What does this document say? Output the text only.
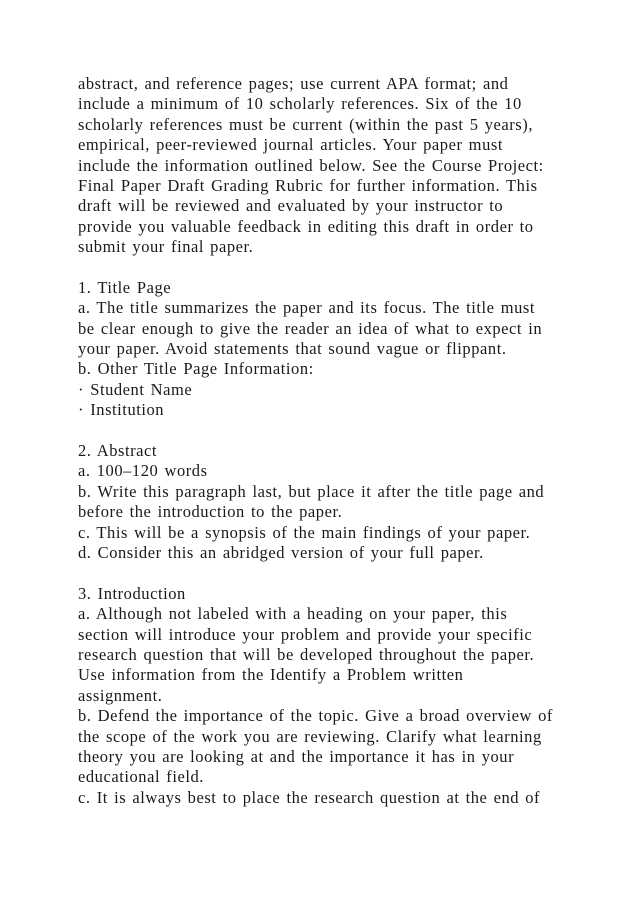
abstract, and reference pages; use current APA format; and
include a minimum of 10 scholarly references. Six of the 10
scholarly references must be current (within the past 5 years),
empirical, peer-reviewed journal articles. Your paper must
include the information outlined below. See the Course Project:
Final Paper Draft Grading Rubric for further information. This
draft will be reviewed and evaluated by your instructor to
provide you valuable feedback in editing this draft in order to
submit your final paper.
1. Title Page
a. The title summarizes the paper and its focus. The title must
be clear enough to give the reader an idea of what to expect in
your paper. Avoid statements that sound vague or flippant.
b. Other Title Page Information:
· Student Name
· Institution
2. Abstract
a. 100–120 words
b. Write this paragraph last, but place it after the title page and
before the introduction to the paper.
c. This will be a synopsis of the main findings of your paper.
d. Consider this an abridged version of your full paper.
3. Introduction
a. Although not labeled with a heading on your paper, this
section will introduce your problem and provide your specific
research question that will be developed throughout the paper.
Use information from the Identify a Problem written
assignment.
b. Defend the importance of the topic. Give a broad overview of
the scope of the work you are reviewing. Clarify what learning
theory you are looking at and the importance it has in your
educational field.
c. It is always best to place the research question at the end of
